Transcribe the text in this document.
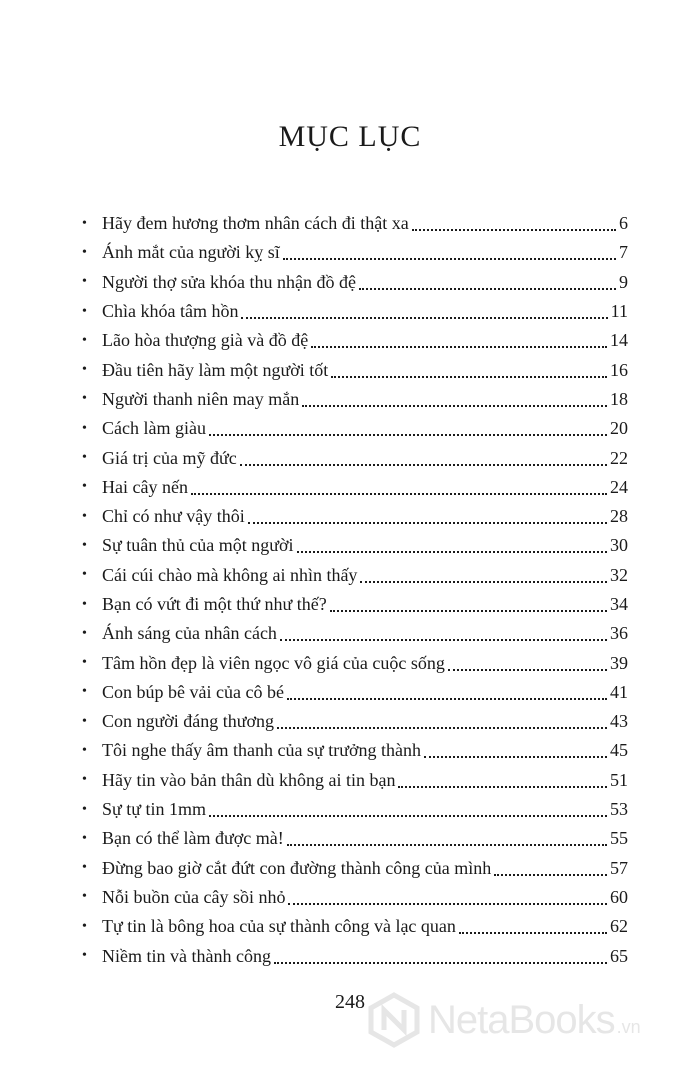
MỤC LỤC
• Hãy đem hương thơm nhân cách đi thật xa	6
• Ánh mắt của người kỵ sĩ	7
• Người thợ sửa khóa thu nhận đồ đệ	9
• Chìa khóa tâm hồn	11
• Lão hòa thượng già và đồ đệ	14
• Đầu tiên hãy làm một người tốt	16
• Người thanh niên may mắn	18
• Cách làm giàu	20
• Giá trị của mỹ đức	22
• Hai cây nến	24
• Chỉ có như vậy thôi	28
• Sự tuân thủ của một người	30
• Cái cúi chào mà không ai nhìn thấy	32
• Bạn có vứt đi một thứ như thế?	34
• Ánh sáng của nhân cách	36
• Tâm hồn đẹp là viên ngọc vô giá của cuộc sống	39
• Con búp bê vải của cô bé	41
• Con người đáng thương	43
• Tôi nghe thấy âm thanh của sự trưởng thành	45
• Hãy tin vào bản thân dù không ai tin bạn	51
• Sự tự tin 1mm	53
• Bạn có thể làm được mà!	55
• Đừng bao giờ cắt đứt con đường thành công của mình	57
• Nỗi buồn của cây sồi nhỏ	60
• Tự tin là bông hoa của sự thành công và lạc quan	62
• Niềm tin và thành công	65
248	NetaBooks .vn
